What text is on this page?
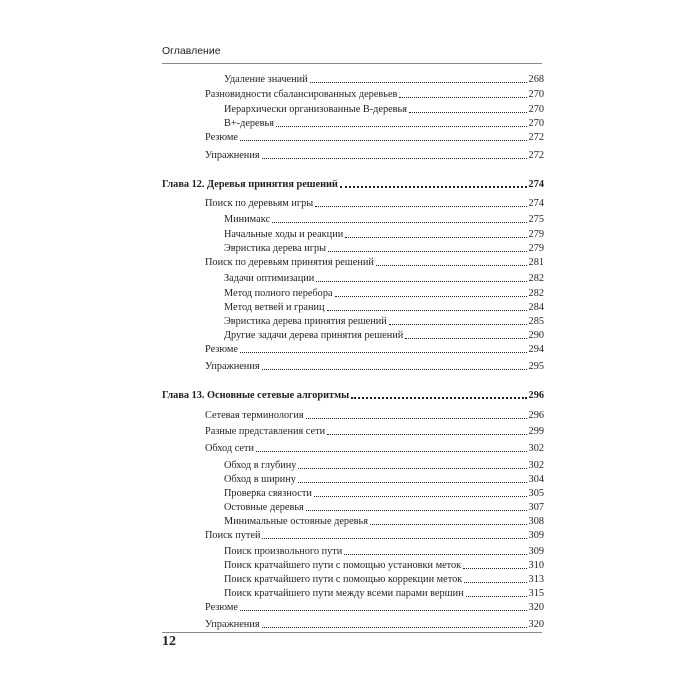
Оглавление
Удаление значений	268
Разновидности сбалансированных деревьев	270
Иерархически организованные B-деревья	270
B+-деревья	270
Резюме	272
Упражнения	272
Глава 12. Деревья принятия решений	274
Поиск по деревьям игры	274
Минимакс	275
Начальные ходы и реакции	279
Эвристика дерева игры	279
Поиск по деревьям принятия решений	281
Задачи оптимизации	282
Метод полного перебора	282
Метод ветвей и границ	284
Эвристика дерева принятия решений	285
Другие задачи дерева принятия решений	290
Резюме	294
Упражнения	295
Глава 13. Основные сетевые алгоритмы	296
Сетевая терминология	296
Разные представления сети	299
Обход сети	302
Обход в глубину	302
Обход в ширину	304
Проверка связности	305
Остовные деревья	307
Минимальные остовные деревья	308
Поиск путей	309
Поиск произвольного пути	309
Поиск кратчайшего пути с помощью установки меток	310
Поиск кратчайшего пути с помощью коррекции меток	313
Поиск кратчайшего пути между всеми парами вершин	315
Резюме	320
Упражнения	320
12
